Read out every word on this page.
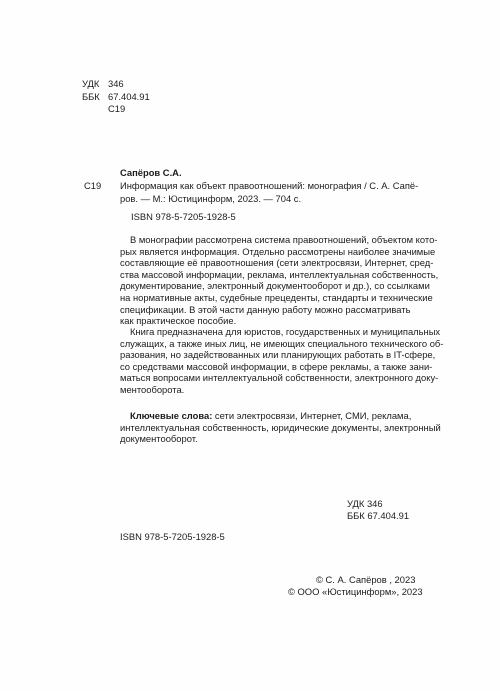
УДК 346
ББК 67.404.91
С19
Сапёров С.А.
С19 Информация как объект правоотношений: монография / С. А. Сапё-
ров. — М.: Юстицинформ, 2023. — 704 с.
ISBN 978-5-7205-1928-5
В монографии рассмотрена система правоотношений, объектом кото-
рых является информация. Отдельно рассмотрены наиболее значимые
составляющие её правоотношения (сети электросвязи, Интернет, сред-
ства массовой информации, реклама, интеллектуальная собственность,
документирование, электронный документооборот и др.), со ссылками
на нормативные акты, судебные прецеденты, стандарты и технические
спецификации. В этой части данную работу можно рассматривать
как практическое пособие.
Книга предназначена для юристов, государственных и муниципальных
служащих, а также иных лиц, не имеющих специального технического об-
разования, но задействованных или планирующих работать в IT-сфере,
со средствами массовой информации, в сфере рекламы, а также зани-
маться вопросами интеллектуальной собственности, электронного доку-
ментооборота.
Ключевые слова: сети электросвязи, Интернет, СМИ, реклама,
интеллектуальная собственность, юридические документы, электронный
документооборот.
УДК 346
ББК 67.404.91
ISBN 978-5-7205-1928-5
© С. А. Сапёров , 2023
© ООО «Юстицинформ», 2023
